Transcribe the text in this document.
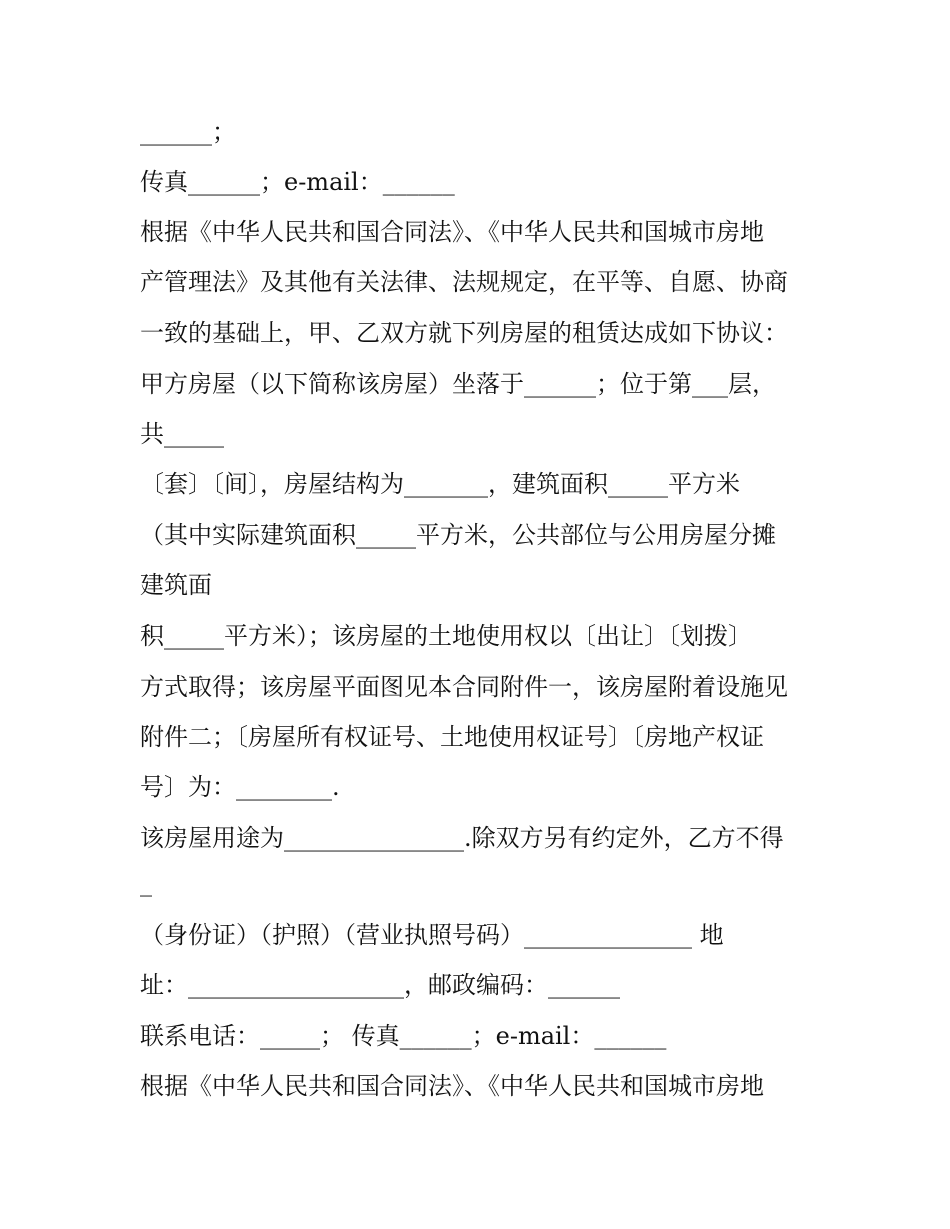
______；

传真______；e-mail：______

根据《中华人民共和国合同法》、《中华人民共和国城市房地

产管理法》及其他有关法律、法规规定，在平等、自愿、协商

一致的基础上，甲、乙双方就下列房屋的租赁达成如下协议：

甲方房屋（以下简称该房屋）坐落于______；位于第___层，

共_____

〔套〕〔间〕，房屋结构为_______，建筑面积_____平方米

（其中实际建筑面积_____平方米，公共部位与公用房屋分摊

建筑面

积_____平方米）；该房屋的土地使用权以〔出让〕〔划拨〕

方式取得；该房屋平面图见本合同附件一，该房屋附着设施见

附件二；〔房屋所有权证号、土地使用权证号〕〔房地产权证

号〕为：________.

该房屋用途为_______________.除双方另有约定外，乙方不得

_

（身份证）（护照）（营业执照号码）______________ 地

址：__________________，邮政编码：______

联系电话：_____； 传真______；e-mail：______

根据《中华人民共和国合同法》、《中华人民共和国城市房地
